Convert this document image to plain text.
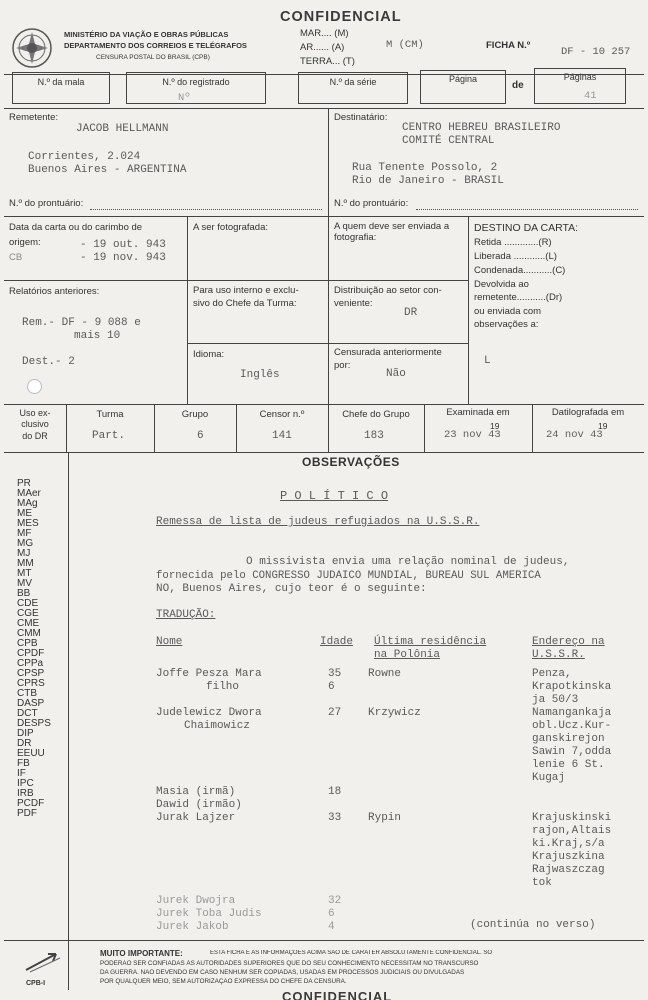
MINISTÉRIO DA VIAÇÃO E OBRAS PÚBLICAS
DEPARTAMENTO DOS CORREIOS E TELÉGRAFOS
CENSURA POSTAL DO BRASIL (CPB)
CONFIDENCIAL
MAR.... (M)
AR...... (A)
TERRA... (T)
M (CM)	FICHA N.º
DF - 10 257
N.º da mala	N.º do registrado
Nº
N.º da série	Página
de
Páginas
41
Remetente:
JACOB HELLMANN
Corrientes, 2.024
Buenos Aires - ARGENTINA
N.º do prontuário:
Destinatário:
CENTRO HEBREU BRASILEIRO
COMITÉ CENTRAL
Rua Tenente Possolo, 2
Rio de Janeiro - BRASIL
N.º do prontuário:
Data da carta ou do carimbo de
origem:	- 19 out. 943
CB	- 19 nov. 943
A ser fotografada:	A quem deve ser enviada a fotografia:
DESTINO DA CARTA:
Retida .............(R)
Liberada ............(L)
Condenada...........(C)
Devolvida ao
remetente...........(Dr)
ou enviada com
observações a:
L
Relatórios anteriores:
Rem.- DF - 9 088 e
mais 10
Dest.- 2
Para uso interno e exclu-
sivo do Chefe da Turma:
Distribuição ao setor con-
veniente:
DR
Idioma:
Inglês
Censurada anteriormente
por:
Não
Uso ex-
clusivo
do DR
Turma
Part.
Grupo
6
Censor n.º
141
Chefe do Grupo
183
Examinada em
19
23 nov 43
Datilografada em
19
24 nov 43
OBSERVAÇÕES
PR
MAer
MAg
ME
MES
MF
MG
MJ
MM
MT
MV
BB
CDE
CGE
CME
CMM
CPB
CPDF
CPPa
CPSP
CPRS
CTB
DASP
DCT
DESPS
DIP
DR
EEUU
FB
IF
IPC
IRB
PCDF
PDF
P O L Í T I C O
Remessa de lista de judeus refugiados na U.S.S.R.
O missivista envia uma relação nominal de judeus,
fornecida pelo CONGRESSO JUDAICO MUNDIAL, BUREAU SUL AMERICA
NO, Buenos Aires, cujo teor é o seguinte:
TRADUÇÃO:
Nome	Idade Última residência
na Polônia
Endereço na
U.S.S.R.
Joffe Pesza Mara	35 Rowne	Penza,
filho	6	Krapotkinska
ja 50/3
Judelewicz Dwora	27 Krzywicz	Namangankaja
Chaimowicz	obl.Ucz.Kur-
ganskirejon
Sawin 7,odda
lenie 6 St.
Kugaj
Masia (irmã)	18
Dawid (irmão)
Jurak Lajzer	33 Rypin	Krajuskinski
rajon,Altais
ki.Kraj,s/a
Krajuszkina
Rajwaszczag
tok
Jurek Dwojra	32
Jurek Toba Judis	6
Jurek Jakob	4	(continúa no verso)
CPB-I
MUITO IMPORTANTE:	ESTA FICHA E AS INFORMAÇÕES ACIMA SÃO DE CARATER ABSOLUTAMENTE CONFIDENCIAL. SÓ
PODERÃO SER CONFIADAS ÀS AUTORIDADES SUPERIORES QUE DO SEU CONHECIMENTO NECESSITAM NO TRANSCURSO
DA GUERRA. NÃO DEVENDO EM CASO NENHUM SER COPIADAS, USADAS EM PROCESSOS JUDICIAIS OU DIVULGADAS
POR QUALQUER MEIO, SEM AUTORIZAÇÃO EXPRESSA DO CHEFE DA CENSURA.
CONFIDENCIAL
